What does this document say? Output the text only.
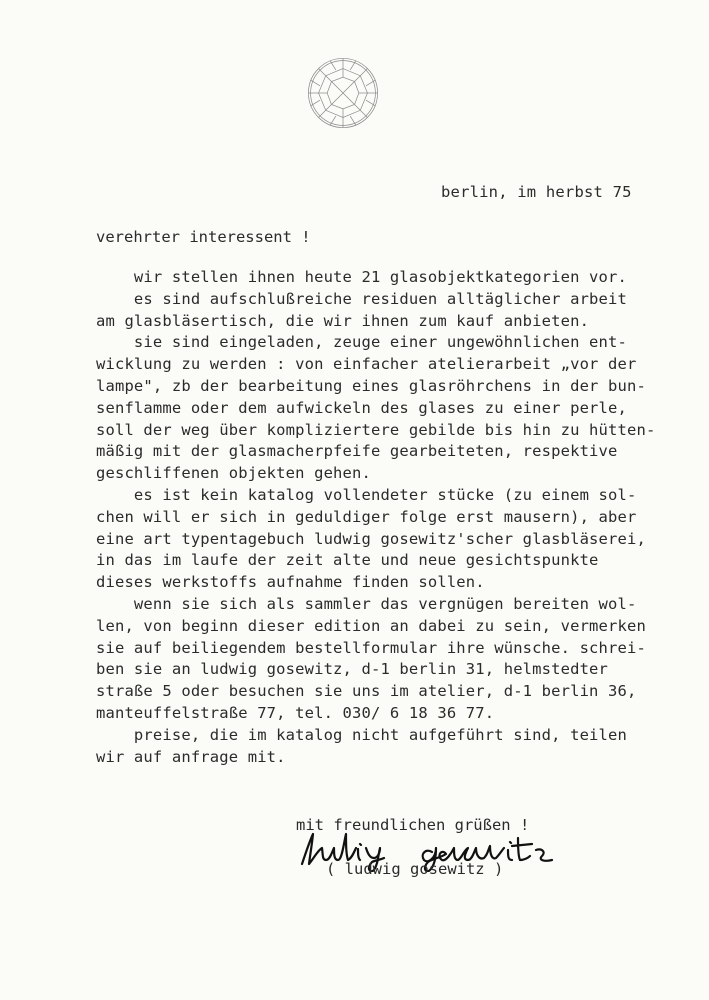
berlin, im herbst 75
verehrter interessent !
wir stellen ihnen heute 21 glasobjektkategorien vor.
es sind aufschlußreiche residuen alltäglicher arbeit
am glasbläsertisch, die wir ihnen zum kauf anbieten.
sie sind eingeladen, zeuge einer ungewöhnlichen ent-
wicklung zu werden : von einfacher atelierarbeit „vor der
lampe", zb der bearbeitung eines glasröhrchens in der bun-
senflamme oder dem aufwickeln des glases zu einer perle,
soll der weg über kompliziertere gebilde bis hin zu hütten-
mäßig mit der glasmacherpfeife gearbeiteten, respektive
geschliffenen objekten gehen.
es ist kein katalog vollendeter stücke (zu einem sol-
chen will er sich in geduldiger folge erst mausern), aber
eine art typentagebuch ludwig gosewitz'scher glasbläserei,
in das im laufe der zeit alte und neue gesichtspunkte
dieses werkstoffs aufnahme finden sollen.
wenn sie sich als sammler das vergnügen bereiten wol-
len, von beginn dieser edition an dabei zu sein, vermerken
sie auf beiliegendem bestellformular ihre wünsche. schrei-
ben sie an ludwig gosewitz, d-1 berlin 31, helmstedter
straße 5 oder besuchen sie uns im atelier, d-1 berlin 36,
manteuffelstraße 77, tel. 030/ 6 18 36 77.
preise, die im katalog nicht aufgeführt sind, teilen
wir auf anfrage mit.
mit freundlichen grüßen !
( ludwig gosewitz )
